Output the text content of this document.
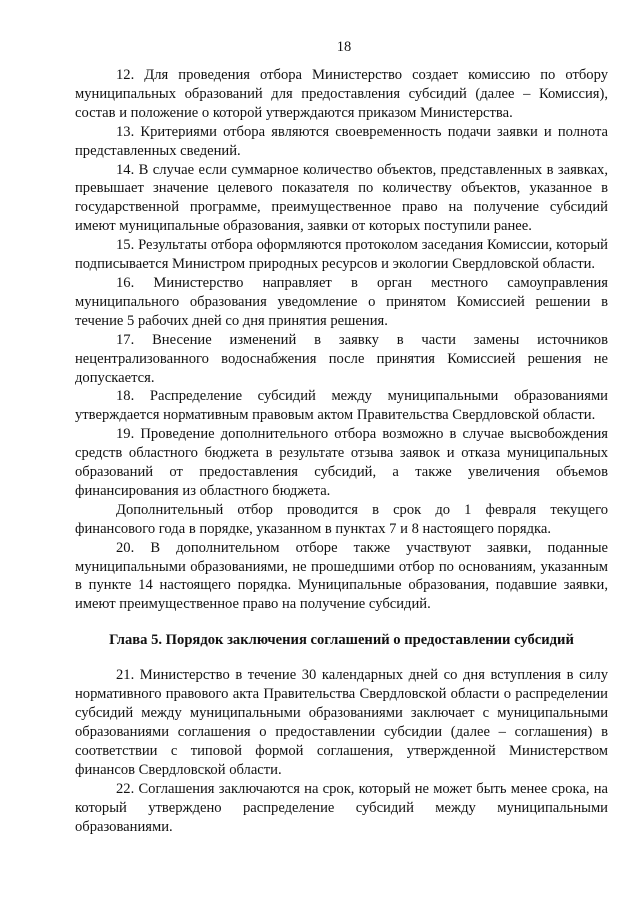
18

12. Для проведения отбора Министерство создает комиссию по отбору муниципальных образований для предоставления субсидий (далее – Комиссия), состав и положение о которой утверждаются приказом Министерства.

13. Критериями отбора являются своевременность подачи заявки и полнота представленных сведений.

14. В случае если суммарное количество объектов, представленных в заявках, превышает значение целевого показателя по количеству объектов, указанное в государственной программе, преимущественное право на получение субсидий имеют муниципальные образования, заявки от которых поступили ранее.

15. Результаты отбора оформляются протоколом заседания Комиссии, который подписывается Министром природных ресурсов и экологии Свердловской области.

16. Министерство направляет в орган местного самоуправления муниципального образования уведомление о принятом Комиссией решении в течение 5 рабочих дней со дня принятия решения.

17. Внесение изменений в заявку в части замены источников нецентрализованного водоснабжения после принятия Комиссией решения не допускается.

18. Распределение субсидий между муниципальными образованиями утверждается нормативным правовым актом Правительства Свердловской области.

19. Проведение дополнительного отбора возможно в случае высвобождения средств областного бюджета в результате отзыва заявок и отказа муниципальных образований от предоставления субсидий, а также увеличения объемов финансирования из областного бюджета.

Дополнительный отбор проводится в срок до 1 февраля текущего финансового года в порядке, указанном в пунктах 7 и 8 настоящего порядка.

20. В дополнительном отборе также участвуют заявки, поданные муниципальными образованиями, не прошедшими отбор по основаниям, указанным в пункте 14 настоящего порядка. Муниципальные образования, подавшие заявки, имеют преимущественное право на получение субсидий.

Глава 5. Порядок заключения соглашений о предоставлении субсидий

21. Министерство в течение 30 календарных дней со дня вступления в силу нормативного правового акта Правительства Свердловской области о распределении субсидий между муниципальными образованиями заключает с муниципальными образованиями соглашения о предоставлении субсидии (далее – соглашения) в соответствии с типовой формой соглашения, утвержденной Министерством финансов Свердловской области.

22. Соглашения заключаются на срок, который не может быть менее срока, на который утверждено распределение субсидий между муниципальными образованиями.
